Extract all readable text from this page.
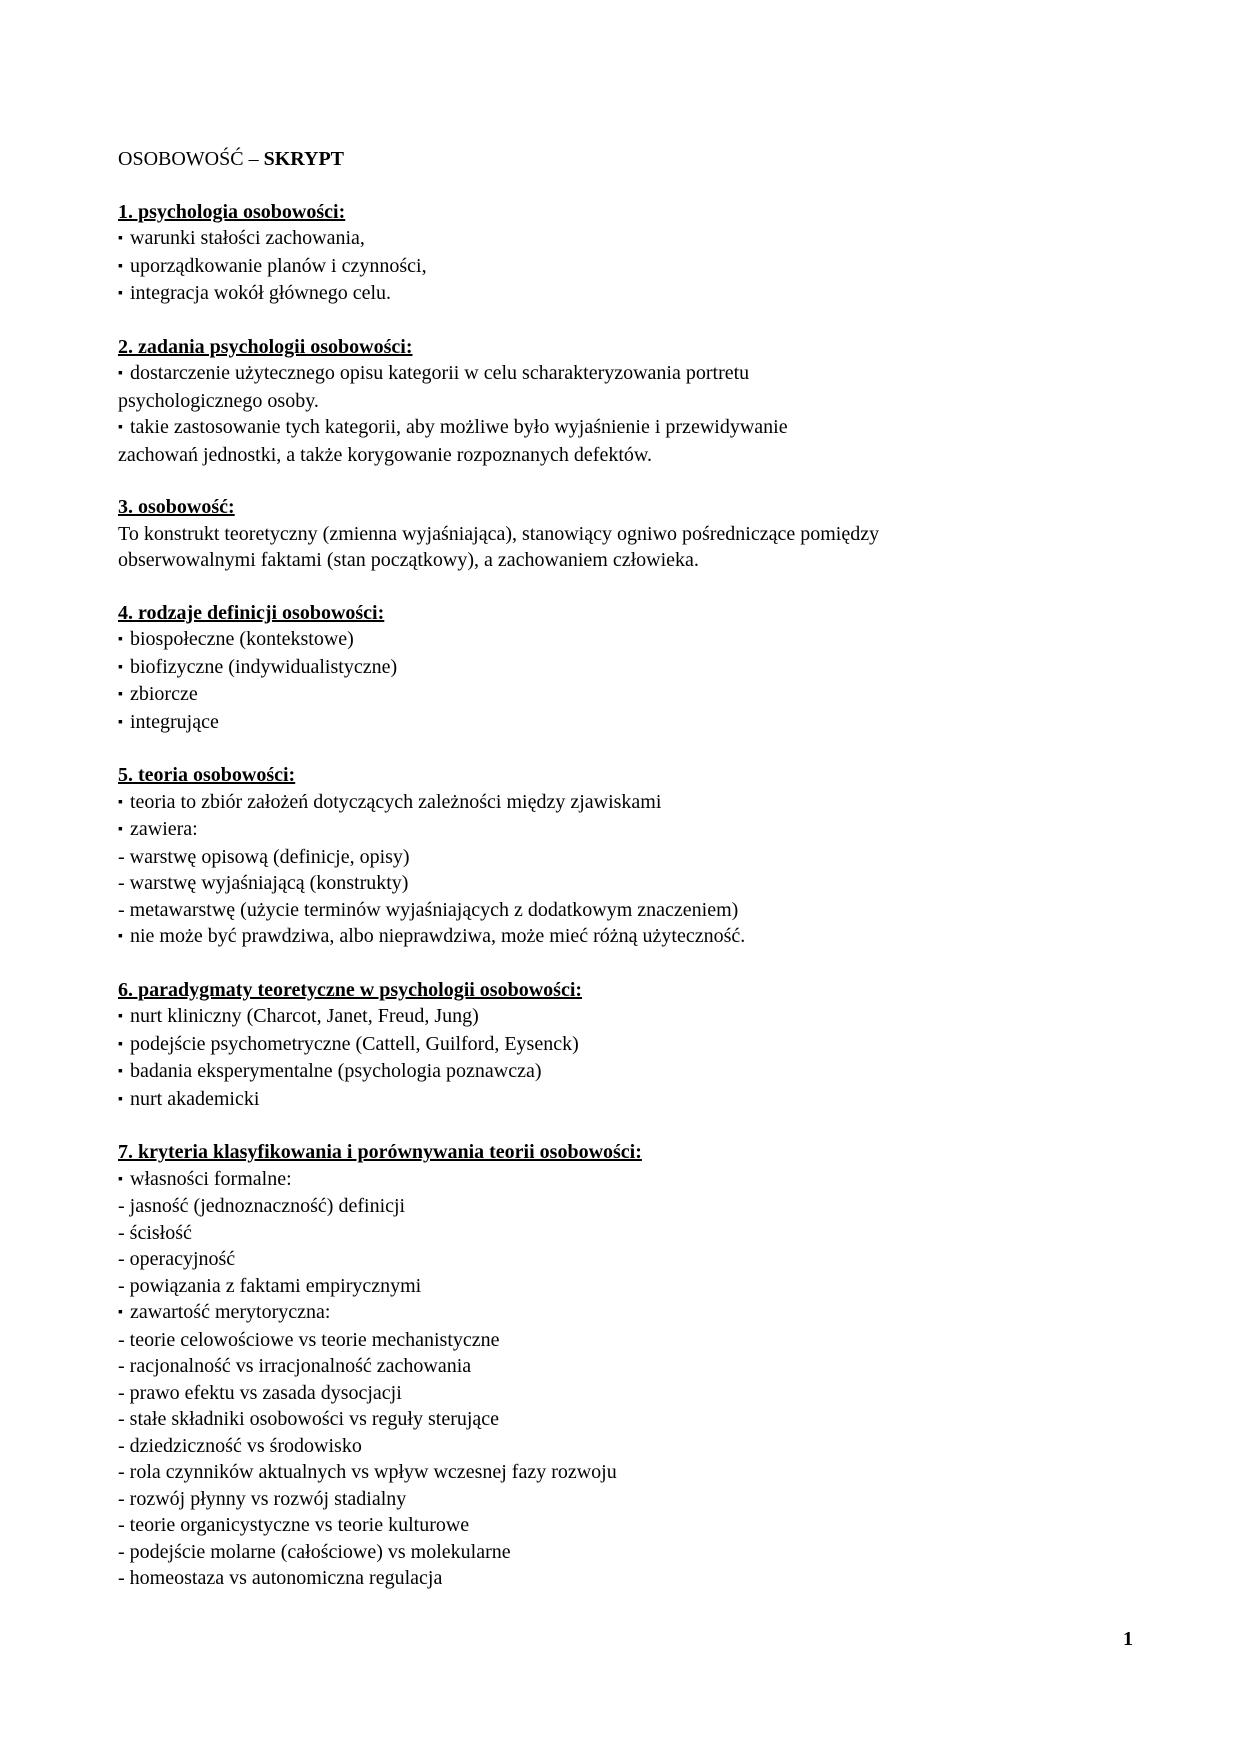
OSOBOWOŚĆ – SKRYPT

1. psychologia osobowości:

▪ warunki stałości zachowania,
▪ uporządkowanie planów i czynności,
▪ integracja wokół głównego celu.

2. zadania psychologii osobowości:

▪ dostarczenie użytecznego opisu kategorii w celu scharakteryzowania portretu
psychologicznego osoby.
▪ takie zastosowanie tych kategorii, aby możliwe było wyjaśnienie i przewidywanie
zachowań jednostki, a także korygowanie rozpoznanych defektów.

3. osobowość:

To konstrukt teoretyczny (zmienna wyjaśniająca), stanowiący ogniwo pośredniczące pomiędzy

obserwowalnymi faktami (stan początkowy), a zachowaniem człowieka.

4. rodzaje definicji osobowości:

▪ biospołeczne (kontekstowe)
▪ biofizyczne (indywidualistyczne)
▪ zbiorcze
▪ integrujące

5. teoria osobowości:

▪ teoria to zbiór założeń dotyczących zależności między zjawiskami
▪ zawiera:
- warstwę opisową (definicje, opisy)
- warstwę wyjaśniającą (konstrukty)
- metawarstwę (użycie terminów wyjaśniających z dodatkowym znaczeniem)
▪ nie może być prawdziwa, albo nieprawdziwa, może mieć różną użyteczność.

6. paradygmaty teoretyczne w psychologii osobowości:

▪ nurt kliniczny (Charcot, Janet, Freud, Jung)
▪ podejście psychometryczne (Cattell, Guilford, Eysenck)
▪ badania eksperymentalne (psychologia poznawcza)
▪ nurt akademicki

7. kryteria klasyfikowania i porównywania teorii osobowości:

▪ własności formalne:
- jasność (jednoznaczność) definicji
- ścisłość
- operacyjność
- powiązania z faktami empirycznymi
▪ zawartość merytoryczna:
- teorie celowościowe vs teorie mechanistyczne
- racjonalność vs irracjonalność zachowania
- prawo efektu vs zasada dysocjacji
- stałe składniki osobowości vs reguły sterujące
- dziedziczność vs środowisko
- rola czynników aktualnych vs wpływ wczesnej fazy rozwoju
- rozwój płynny vs rozwój stadialny
- teorie organicystyczne vs teorie kulturowe
- podejście molarne (całościowe) vs molekularne
- homeostaza vs autonomiczna regulacja
1
